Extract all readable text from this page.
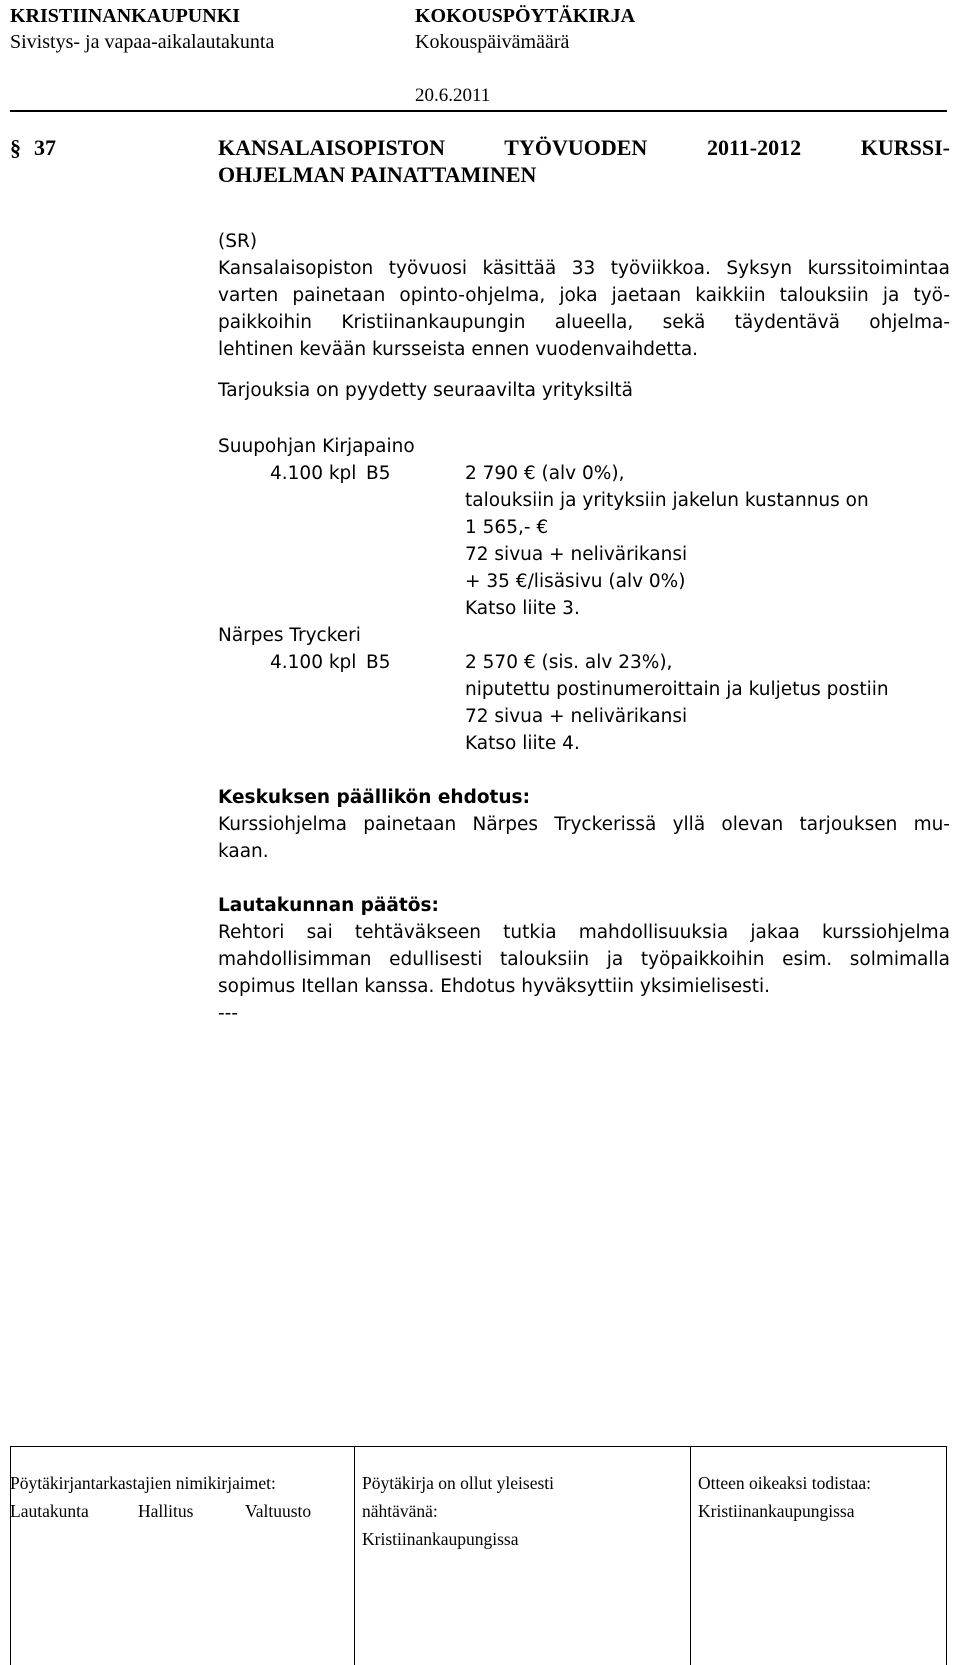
KRISTIINANKAUPUNKI
Sivistys- ja vapaa-aikalautakunta
KOKOUSPÖYTÄKIRJA
Kokouspäivämäärä
20.6.2011
§ 37	KANSALAISOPISTON TYÖVUODEN 2011-2012 KURSSI-
OHJELMAN PAINATTAMINEN
(SR)
Kansalaisopiston työvuosi käsittää 33 työviikkoa. Syksyn kurssitoimintaa
varten painetaan opinto-ohjelma, joka jaetaan kaikkiin talouksiin ja työ-
paikkoihin Kristiinankaupungin alueella, sekä täydentävä ohjelma-
lehtinen kevään kursseista ennen vuodenvaihdetta.
Tarjouksia on pyydetty seuraavilta yrityksiltä
Suupohjan Kirjapaino
4.100 kpl B5	2 790 € (alv 0%),
talouksiin ja yrityksiin jakelun kustannus on
1 565,- €
72 sivua + nelivärikansi
+ 35 €/lisäsivu (alv 0%)
Katso liite 3.
Närpes Tryckeri
4.100 kpl B5	2 570 € (sis. alv 23%),
niputettu postinumeroittain ja kuljetus postiin
72 sivua + nelivärikansi
Katso liite 4.
Keskuksen päällikön ehdotus:
Kurssiohjelma painetaan Närpes Tryckerissä yllä olevan tarjouksen mu-
kaan.
Lautakunnan päätös:
Rehtori sai tehtäväkseen tutkia mahdollisuuksia jakaa kurssiohjelma
mahdollisimman edullisesti talouksiin ja työpaikkoihin esim. solmimalla
sopimus Itellan kanssa. Ehdotus hyväksyttiin yksimielisesti.
---
Pöytäkirjantarkastajien nimikirjaimet:
Lautakunta	Hallitus	Valtuusto
Pöytäkirja on ollut yleisesti
nähtävänä:
Kristiinankaupungissa
Otteen oikeaksi todistaa:
Kristiinankaupungissa
